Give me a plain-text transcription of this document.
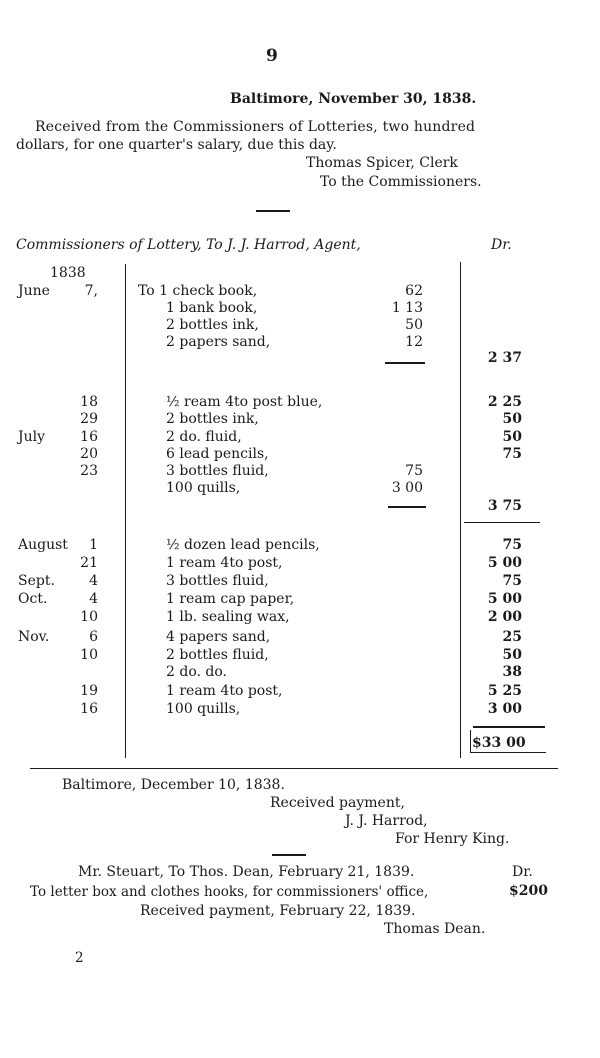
9
Baltimore, November 30, 1838.
Received from the Commissioners of Lotteries, two hundred
dollars, for one quarter's salary, due this day.
Thomas Spicer, Clerk
To the Commissioners.
Commissioners of Lottery, To J. J. Harrod, Agent,	Dr.
1838
June	7,	To 1 check book,	62
1 bank book,	1 13
2 bottles ink,	50
2 papers sand,	12
2 37
18	½ ream 4to post blue,	2 25
29	2 bottles ink,	50
July	16	2 do. fluid,	50
20	6 lead pencils,	75
23	3 bottles fluid,	75
100 quills,	3 00
3 75
August	1	½ dozen lead pencils,	75
21	1 ream 4to post,	5 00
Sept.	4	3 bottles fluid,	75
Oct.	4	1 ream cap paper,	5 00
10	1 lb. sealing wax,	2 00
Nov.	6	4 papers sand,	25
10	2 bottles fluid,	50
2 do. do.	38
19	1 ream 4to post,	5 25
16	100 quills,	3 00
$33 00
Baltimore, December 10, 1838.
Received payment,
J. J. Harrod,
For Henry King.
Mr. Steuart, To Thos. Dean, February 21, 1839.	Dr.
To letter box and clothes hooks, for commissioners' office,	$200
Received payment, February 22, 1839.
Thomas Dean.
2
